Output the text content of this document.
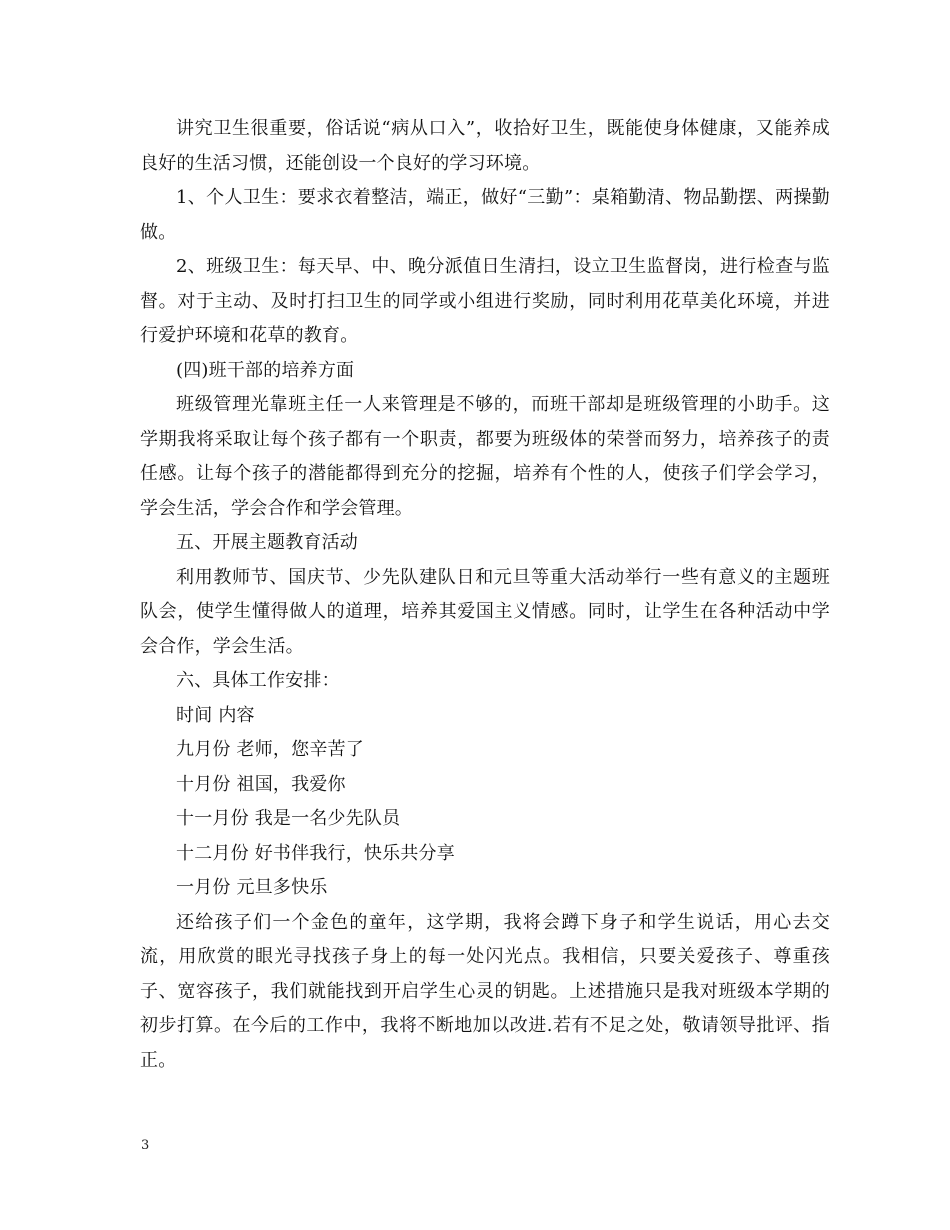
讲究卫生很重要，俗话说“病从口入”，收拾好卫生，既能使身体健康，又能养成良好的生活习惯，还能创设一个良好的学习环境。

1、个人卫生：要求衣着整洁，端正，做好“三勤”：桌箱勤清、物品勤摆、两操勤做。

2、班级卫生：每天早、中、晚分派值日生清扫，设立卫生监督岗，进行检查与监督。对于主动、及时打扫卫生的同学或小组进行奖励，同时利用花草美化环境，并进行爱护环境和花草的教育。

(四)班干部的培养方面

班级管理光靠班主任一人来管理是不够的，而班干部却是班级管理的小助手。这学期我将采取让每个孩子都有一个职责，都要为班级体的荣誉而努力，培养孩子的责任感。让每个孩子的潜能都得到充分的挖掘，培养有个性的人，使孩子们学会学习，学会生活，学会合作和学会管理。

五、开展主题教育活动

利用教师节、国庆节、少先队建队日和元旦等重大活动举行一些有意义的主题班队会，使学生懂得做人的道理，培养其爱国主义情感。同时，让学生在各种活动中学会合作，学会生活。

六、具体工作安排：

时间 内容

九月份 老师，您辛苦了

十月份 祖国，我爱你

十一月份 我是一名少先队员

十二月份 好书伴我行，快乐共分享

一月份 元旦多快乐

还给孩子们一个金色的童年，这学期，我将会蹲下身子和学生说话，用心去交流，用欣赏的眼光寻找孩子身上的每一处闪光点。我相信，只要关爱孩子、尊重孩子、宽容孩子，我们就能找到开启学生心灵的钥匙。上述措施只是我对班级本学期的初步打算。在今后的工作中，我将不断地加以改进.若有不足之处，敬请领导批评、指正。

3
